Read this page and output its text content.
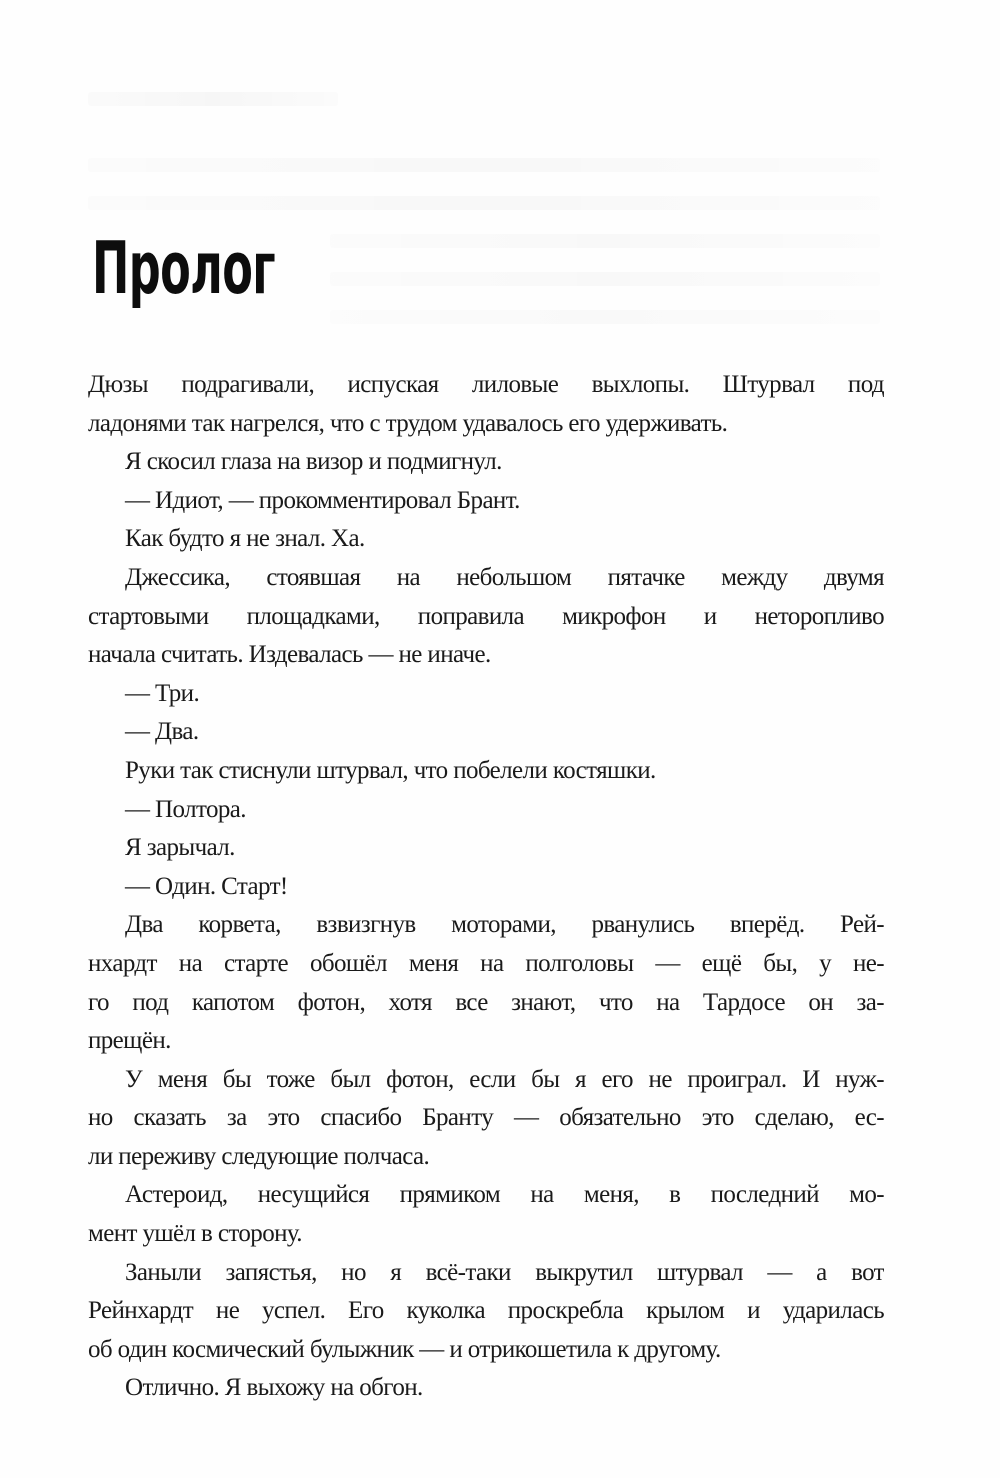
Пролог
Дюзы подрагивали, испуская лиловые выхлопы. Штурвал под
ладонями так нагрелся, что с трудом удавалось его удерживать.
Я скосил глаза на визор и подмигнул.
— Идиот, — прокомментировал Брант.
Как будто я не знал. Ха.
Джессика, стоявшая на небольшом пятачке между двумя
стартовыми площадками, поправила микрофон и неторопливо
начала считать. Издевалась — не иначе.
— Три.
— Два.
Руки так стиснули штурвал, что побелели костяшки.
— Полтора.
Я зарычал.
— Один. Старт!
Два корвета, взвизгнув моторами, рванулись вперёд. Рей-
нхардт на старте обошёл меня на полголовы — ещё бы, у не-
го под капотом фотон, хотя все знают, что на Тардосе он за-
прещён.
У меня бы тоже был фотон, если бы я его не проиграл. И нуж-
но сказать за это спасибо Бранту — обязательно это сделаю, ес-
ли переживу следующие полчаса.
Астероид, несущийся прямиком на меня, в последний мо-
мент ушёл в сторону.
Заныли запястья, но я всё-таки выкрутил штурвал — а вот
Рейнхардт не успел. Его куколка проскребла крылом и ударилась
об один космический булыжник — и отрикошетила к другому.
Отлично. Я выхожу на обгон.
